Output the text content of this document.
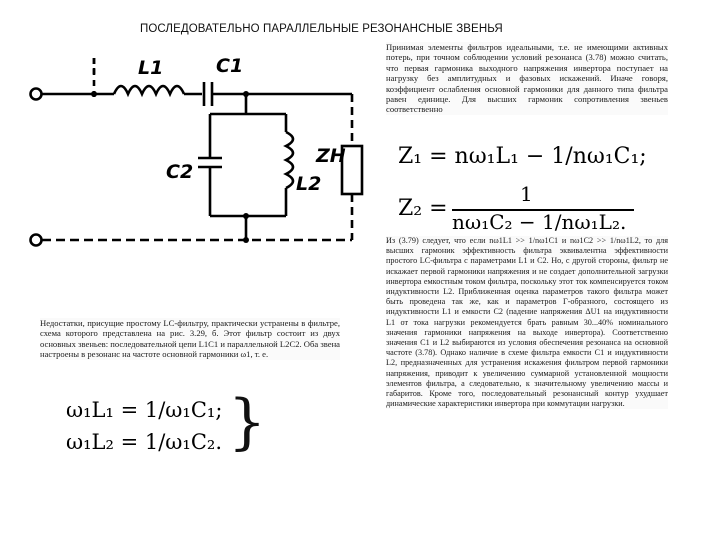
ПОСЛЕДОВАТЕЛЬНО ПАРАЛЛЕЛЬНЫЕ РЕЗОНАНСНЫЕ ЗВЕНЬЯ
L1	C1
C2
L2
ZH
Принимая элементы фильтров идеальными, т.е. не имеющими активных потерь, при точном соблюдении условий резонанса (3.78) можно считать, что первая гармоника выходного напряжения инвертора поступает на нагрузку без амплитудных и фазовых искажений. Иначе говоря, коэффициент ослабления основной гармоники для данного типа фильтра равен единице. Для высших гармоник сопротивления звеньев соответственно
Z₁ = nω₁L₁ − 1/nω₁C₁;
Z₂ =
1
nω₁C₂ − 1/nω₁L₂.
Из (3.79) следует, что если nω1L1 >> 1/nω1C1 и nω1C2 >> 1/nω1L2, то для высших гармоник эффективность фильтра эквивалентна эффективности простого LC-фильтра с параметрами L1 и C2. Но, с другой стороны, фильтр не искажает первой гармоники напряжения и не создает дополнительной загрузки инвертора емкостным током фильтра, поскольку этот ток компенсируется током индуктивности L2. Приближенная оценка параметров такого фильтра может быть проведена так же, как и параметров Г-образного, состоящего из индуктивности L1 и емкости C2 (падение напряжения ΔU1 на индуктивности L1 от тока нагрузки рекомендуется брать равным 30...40% номинального значения гармоники напряжения на выходе инвертора). Соответственно значения C1 и L2 выбираются из условия обеспечения резонанса на основной частоте (3.78). Однако наличие в схеме фильтра емкости C1 и индуктивности L2, предназначенных для устранения искажения фильтром первой гармоники напряжения, приводит к увеличению суммарной установленной мощности элементов фильтра, а следовательно, к значительному увеличению массы и габаритов. Кроме того, последовательный резонансный контур ухудшает динамические характеристики инвертора при коммутации нагрузки.
Недостатки, присущие простому LC-фильтру, практически устранены в фильтре, схема которого представлена на рис. 3.29, б. Этот фильтр состоит из двух основных звеньев: последовательной цепи L1C1 и параллельной L2C2. Оба звена настроены в резонанс на частоте основной гармоники ω1, т. е.
ω₁L₁ = 1/ω₁C₁;
ω₁L₂ = 1/ω₁C₂. }
